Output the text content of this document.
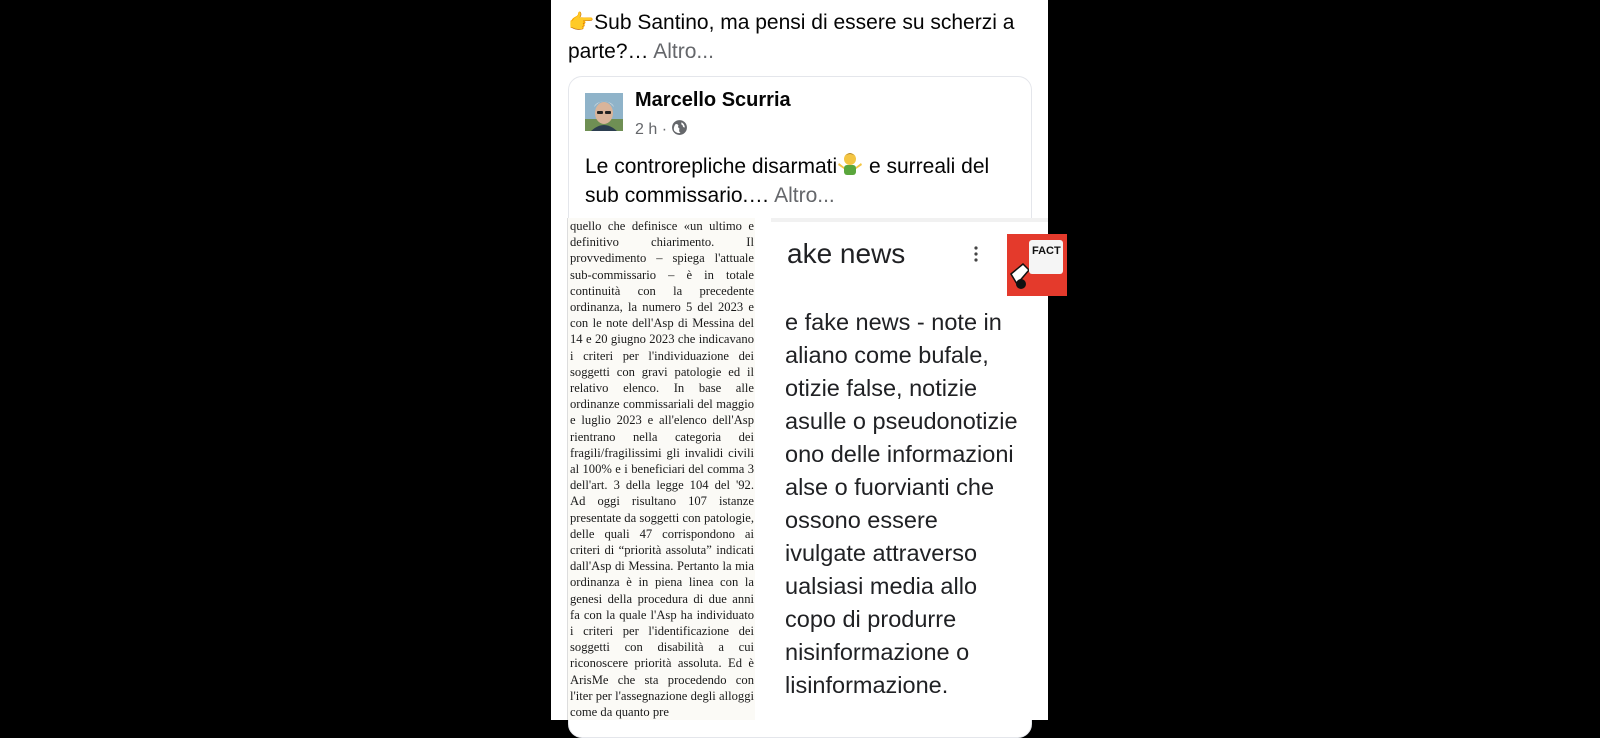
👉Sub Santino, ma pensi di essere su scherzi a parte?… Altro...
Marcello Scurria
2 h ·
Le controrepliche disarmati e surreali del sub commissario.… Altro...

quello che definisce «un ultimo e definitivo chiarimento. Il provvedimento – spiega l'attuale sub-commissario – è in totale continuità con la precedente ordinanza, la numero 5 del 2023 e con le note dell'Asp di Messina del 14 e 20 giugno 2023 che indicavano i criteri per l'individuazione dei soggetti con gravi patologie ed il relativo elenco. In base alle ordinanze commissariali del maggio e luglio 2023 e all'elenco dell'Asp rientrano nella categoria dei fragili/fragilissimi gli invalidi civili al 100% e i beneficiari del comma 3 dell'art. 3 della legge 104 del '92. Ad oggi risultano 107 istanze presentate da soggetti con patologie, delle quali 47 corrispondono ai criteri di “priorità assoluta” indicati dall'Asp di Messina. Pertanto la mia ordinanza è in piena linea con la genesi della procedura di due anni fa con la quale l'Asp ha individuato i criteri per l'identificazione dei soggetti con disabilità a cui riconoscere priorità assoluta. Ed è ArisMe che sta procedendo con l'iter per l'assegnazione degli alloggi come da quanto pre

ake news	FACT
e fake news - note in
aliano come bufale,
otizie false, notizie
asulle o pseudonotizie
ono delle informazioni
alse o fuorvianti che
ossono essere
ivulgate attraverso
ualsiasi media allo
copo di produrre
nisinformazione o
lisinformazione.
